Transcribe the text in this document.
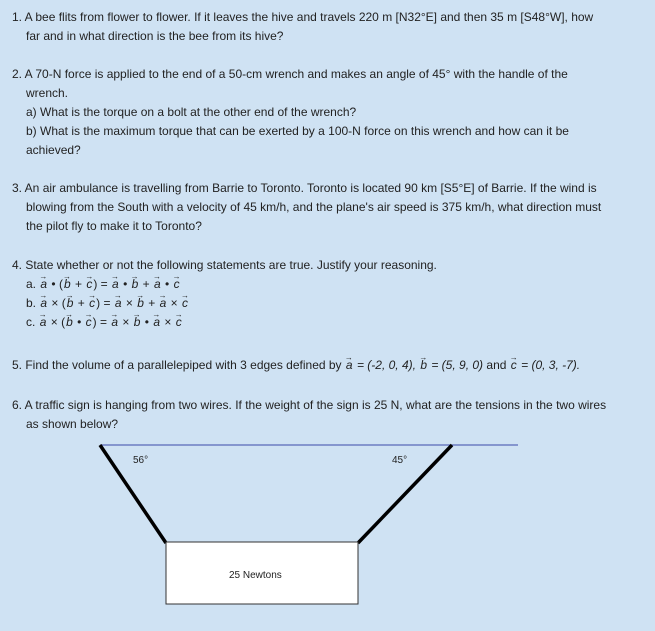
1. A bee flits from flower to flower. If it leaves the hive and travels 220 m [N32°E] and then 35 m [S48°W], how
far and in what direction is the bee from its hive?
2. A 70-N force is applied to the end of a 50-cm wrench and makes an angle of 45° with the handle of the
wrench.
a) What is the torque on a bolt at the other end of the wrench?
b) What is the maximum torque that can be exerted by a 100-N force on this wrench and how can it be
achieved?
3. An air ambulance is travelling from Barrie to Toronto. Toronto is located 90 km [S5°E] of Barrie. If the wind is
blowing from the South with a velocity of 45 km/h, and the plane's air speed is 375 km/h, what direction must
the pilot fly to make it to Toronto?
4. State whether or not the following statements are true. Justify your reasoning.
a. → a • (→ b + → c) = → a • → b + → a • → c
b. → a × (→ b + → c) = → a × → b + → a × → c
c. → a × (→ b • → c) = → a × → b • → a × → c
5. Find the volume of a parallelepiped with 3 edges defined by → a = (-2, 0, 4), → b = (5, 9, 0) and → c = (0, 3, -7).
6. A traffic sign is hanging from two wires. If the weight of the sign is 25 N, what are the tensions in the two wires
as shown below?
56°	45°
25 Newtons
